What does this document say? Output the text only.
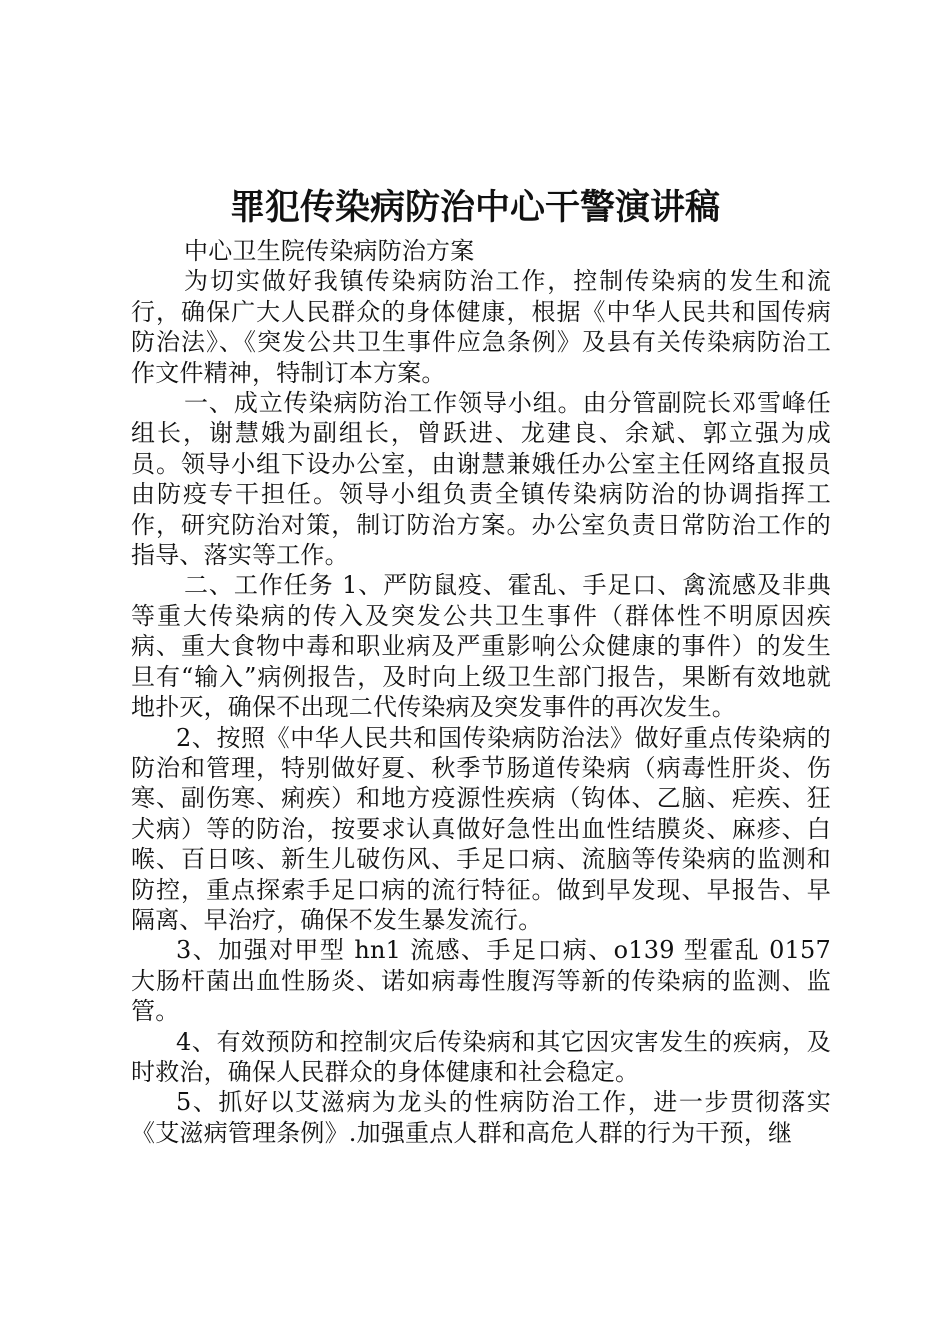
罪犯传染病防治中心干警演讲稿

中心卫生院传染病防治方案

为切实做好我镇传染病防治工作，控制传染病的发生和流行，确保广大人民群众的身体健康，根据《中华人民共和国传病防治法》、《突发公共卫生事件应急条例》及县有关传染病防治工作文件精神，特制订本方案。

一、成立传染病防治工作领导小组。由分管副院长邓雪峰任组长，谢慧娥为副组长，曾跃进、龙建良、余斌、郭立强为成员。领导小组下设办公室，由谢慧兼娥任办公室主任网络直报员由防疫专干担任。领导小组负责全镇传染病防治的协调指挥工作，研究防治对策，制订防治方案。办公室负责日常防治工作的指导、落实等工作。

二、工作任务 1、严防鼠疫、霍乱、手足口、禽流感及非典等重大传染病的传入及突发公共卫生事件（群体性不明原因疾病、重大食物中毒和职业病及严重影响公众健康的事件）的发生旦有“输入”病例报告，及时向上级卫生部门报告，果断有效地就地扑灭，确保不出现二代传染病及突发事件的再次发生。

2、按照《中华人民共和国传染病防治法》做好重点传染病的防治和管理，特别做好夏、秋季节肠道传染病（病毒性肝炎、伤寒、副伤寒、痢疾）和地方疫源性疾病（钩体、乙脑、疟疾、狂犬病）等的防治，按要求认真做好急性出血性结膜炎、麻疹、白喉、百日咳、新生儿破伤风、手足口病、流脑等传染病的监测和防控，重点探索手足口病的流行特征。做到早发现、早报告、早隔离、早治疗，确保不发生暴发流行。

3、加强对甲型 hn1 流感、手足口病、o139 型霍乱 0157 大肠杆菌出血性肠炎、诺如病毒性腹泻等新的传染病的监测、监管。

4、有效预防和控制灾后传染病和其它因灾害发生的疾病，及时救治，确保人民群众的身体健康和社会稳定。

5、抓好以艾滋病为龙头的性病防治工作，进一步贯彻落实《艾滋病管理条例》.加强重点人群和高危人群的行为干预，继
